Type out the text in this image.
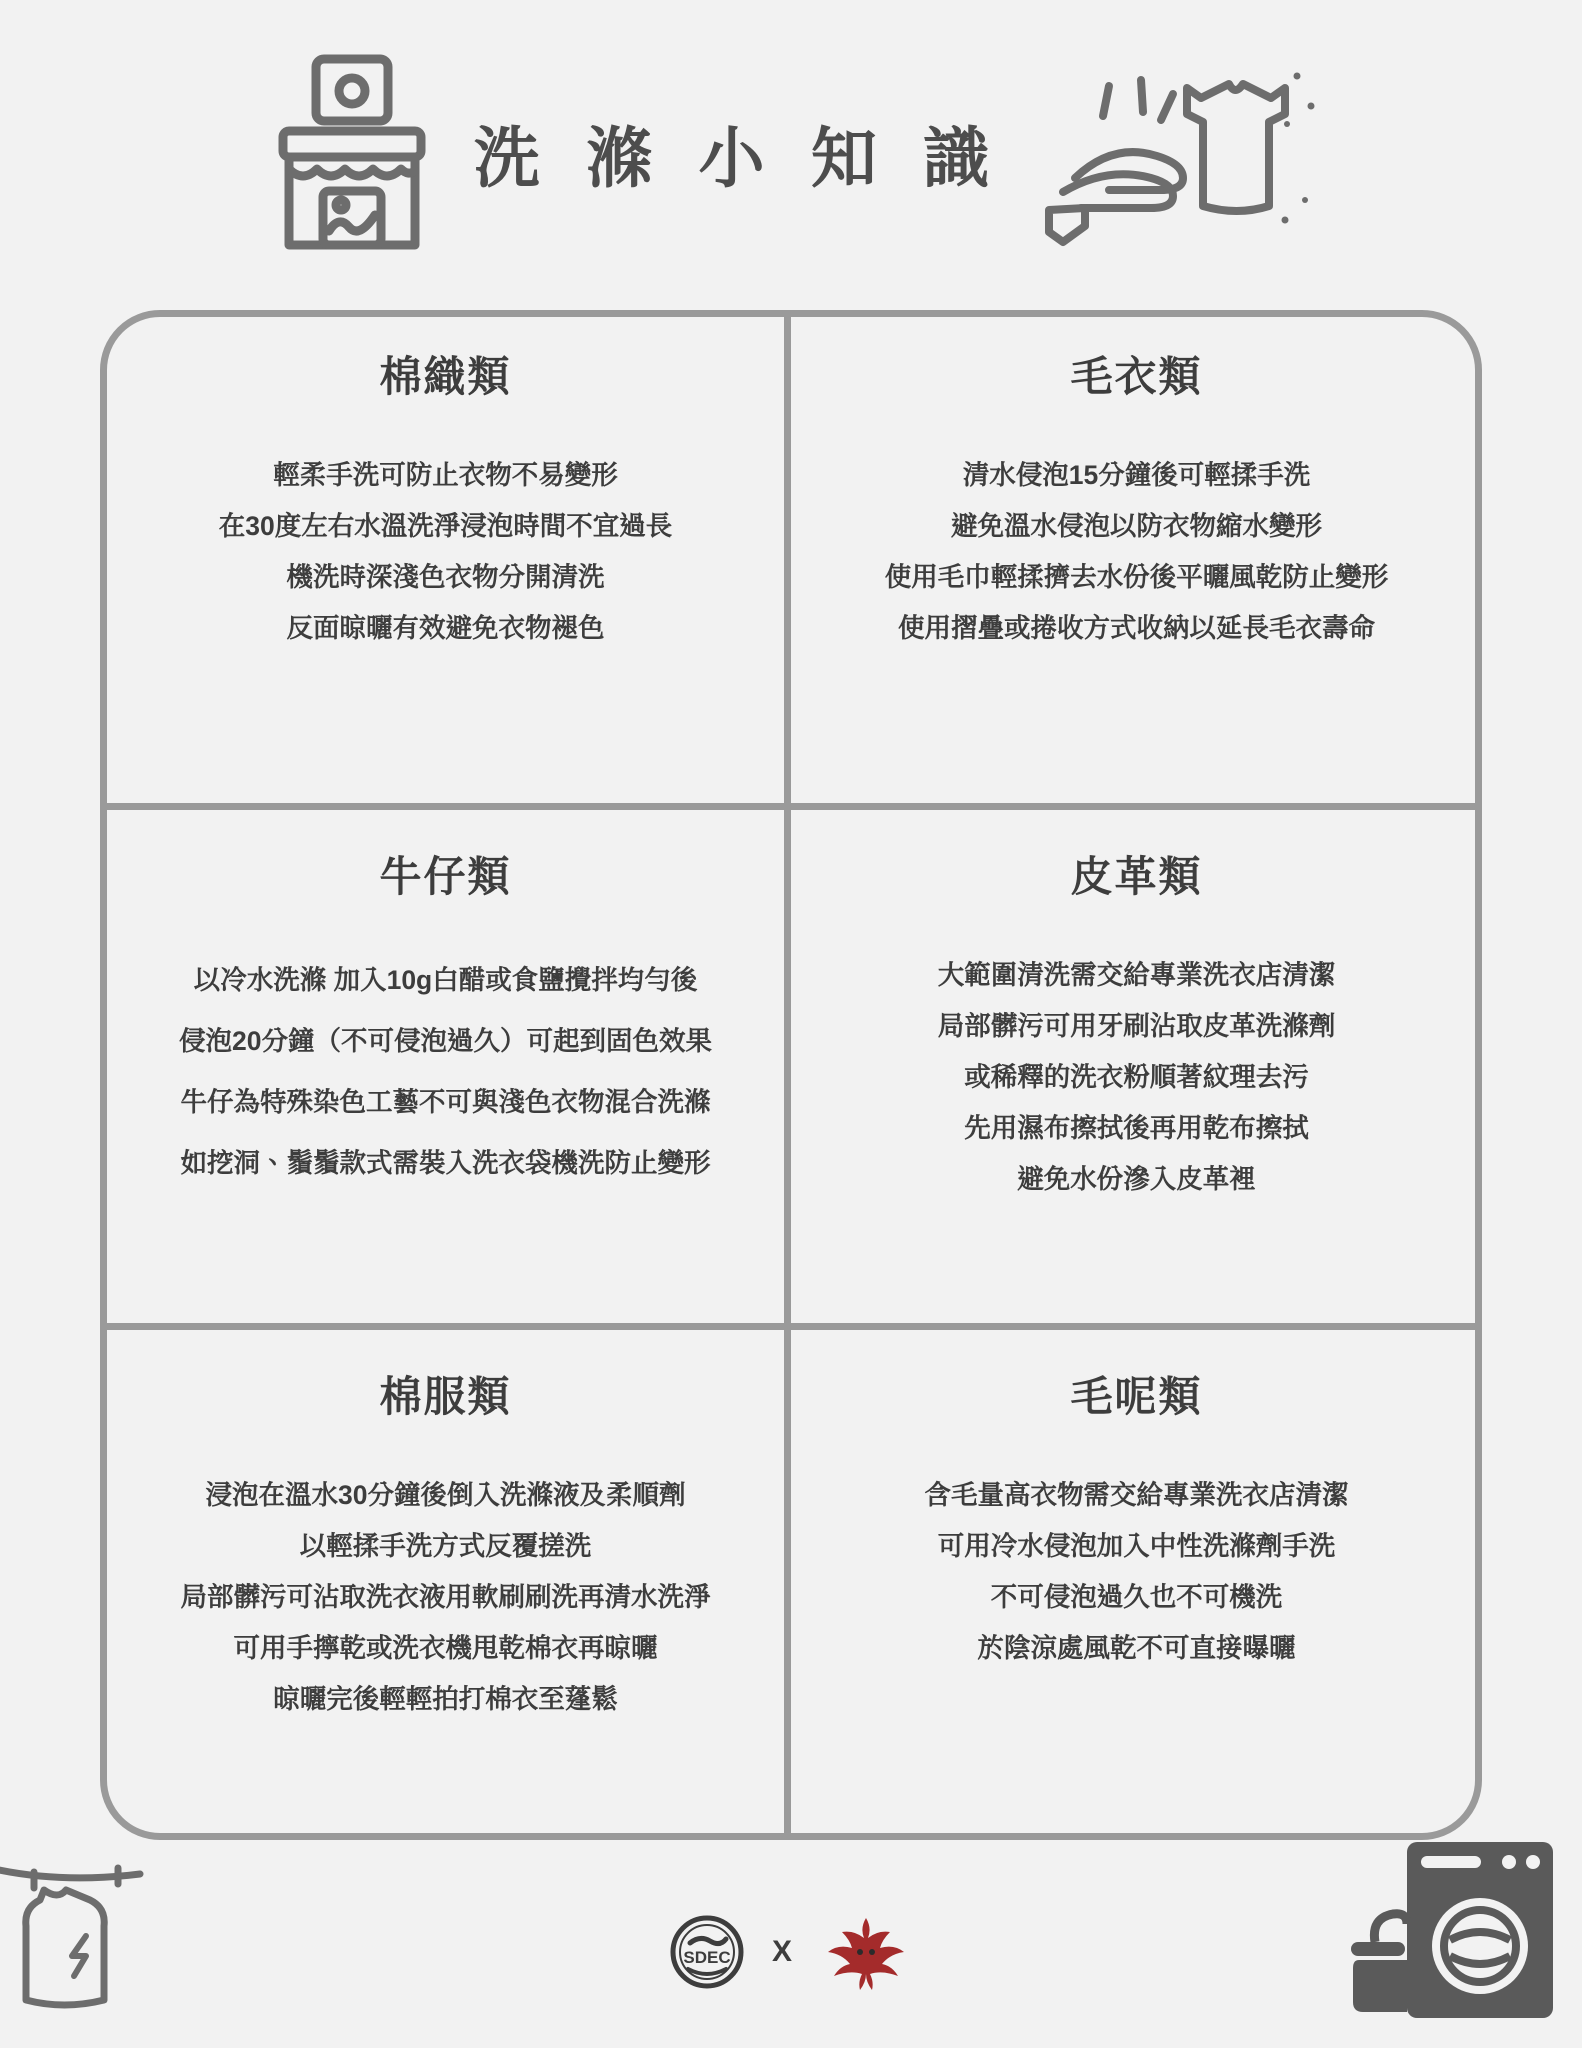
洗 滌 小 知 識
棉織類
輕柔手洗可防止衣物不易變形
在30度左右水溫洗淨浸泡時間不宜過長
機洗時深淺色衣物分開清洗
反面晾曬有效避免衣物褪色
毛衣類
清水侵泡15分鐘後可輕揉手洗
避免溫水侵泡以防衣物縮水變形
使用毛巾輕揉擠去水份後平曬風乾防止變形
使用摺疊或捲收方式收納以延長毛衣壽命
牛仔類
以冷水洗滌 加入10g白醋或食鹽攪拌均勻後
侵泡20分鐘（不可侵泡過久）可起到固色效果
牛仔為特殊染色工藝不可與淺色衣物混合洗滌
如挖洞、鬚鬚款式需裝入洗衣袋機洗防止變形
皮革類
大範圍清洗需交給專業洗衣店清潔
局部髒污可用牙刷沾取皮革洗滌劑
或稀釋的洗衣粉順著紋理去污
先用濕布擦拭後再用乾布擦拭
避免水份滲入皮革裡
棉服類
浸泡在溫水30分鐘後倒入洗滌液及柔順劑
以輕揉手洗方式反覆搓洗
局部髒污可沾取洗衣液用軟刷刷洗再清水洗淨
可用手擰乾或洗衣機甩乾棉衣再晾曬
晾曬完後輕輕拍打棉衣至蓬鬆
毛呢類
含毛量高衣物需交給專業洗衣店清潔
可用冷水侵泡加入中性洗滌劑手洗
不可侵泡過久也不可機洗
於陰涼處風乾不可直接曝曬
SDEC X
